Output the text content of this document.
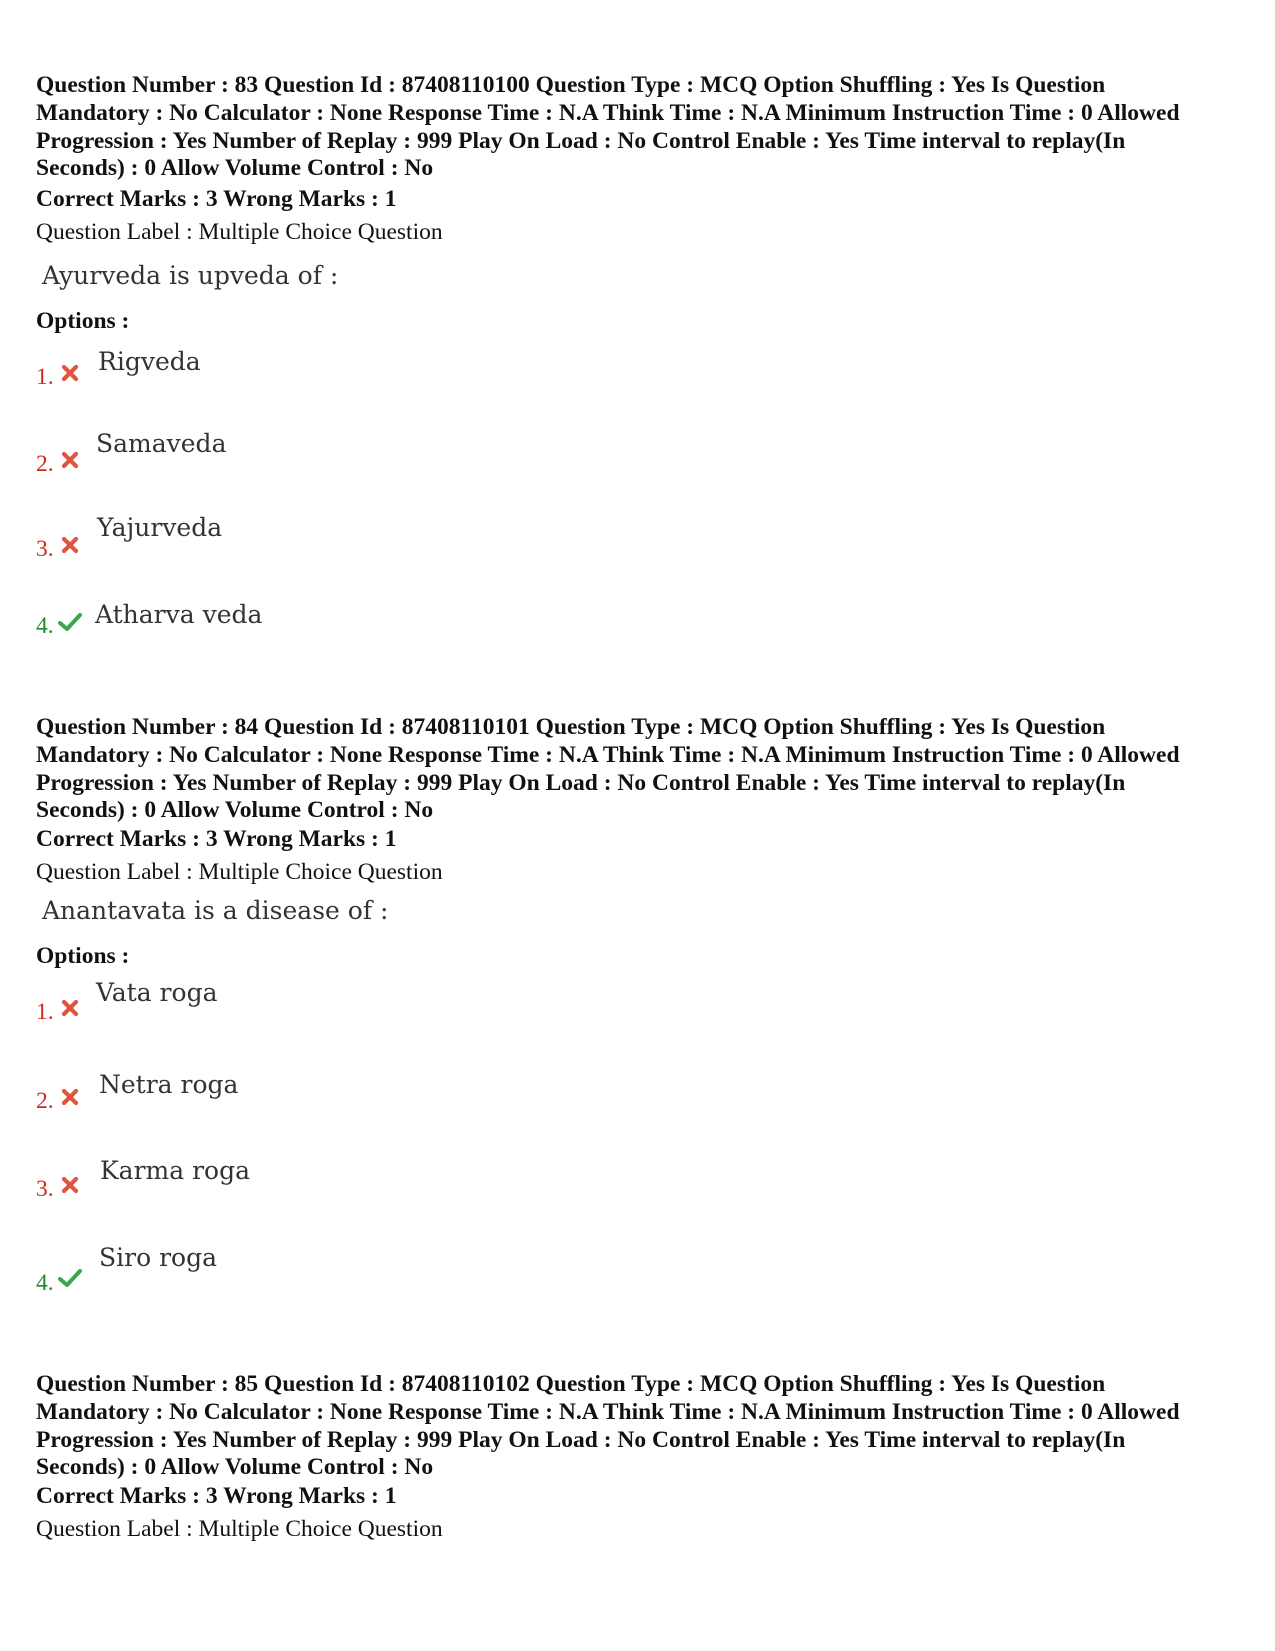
Question Number : 83 Question Id : 87408110100 Question Type : MCQ Option Shuffling : Yes Is Question Mandatory : No Calculator : None Response Time : N.A Think Time : N.A Minimum Instruction Time : 0 Allowed Progression : Yes Number of Replay : 999 Play On Load : No Control Enable : Yes Time interval to replay(In Seconds) : 0 Allow Volume Control : No

Correct Marks : 3 Wrong Marks : 1
Question Label : Multiple Choice Question
Ayurveda is upveda of :
Options :
1.
Rigveda
2.
Samaveda
3.
Yajurveda
4. Atharva veda

Question Number : 84 Question Id : 87408110101 Question Type : MCQ Option Shuffling : Yes Is Question Mandatory : No Calculator : None Response Time : N.A Think Time : N.A Minimum Instruction Time : 0 Allowed Progression : Yes Number of Replay : 999 Play On Load : No Control Enable : Yes Time interval to replay(In Seconds) : 0 Allow Volume Control : No

Correct Marks : 3 Wrong Marks : 1
Question Label : Multiple Choice Question
Anantavata is a disease of :
Options :
1.
Vata roga
2.
Netra roga
3.
Karma roga
4.
Siro roga

Question Number : 85 Question Id : 87408110102 Question Type : MCQ Option Shuffling : Yes Is Question Mandatory : No Calculator : None Response Time : N.A Think Time : N.A Minimum Instruction Time : 0 Allowed Progression : Yes Number of Replay : 999 Play On Load : No Control Enable : Yes Time interval to replay(In Seconds) : 0 Allow Volume Control : No

Correct Marks : 3 Wrong Marks : 1
Question Label : Multiple Choice Question
